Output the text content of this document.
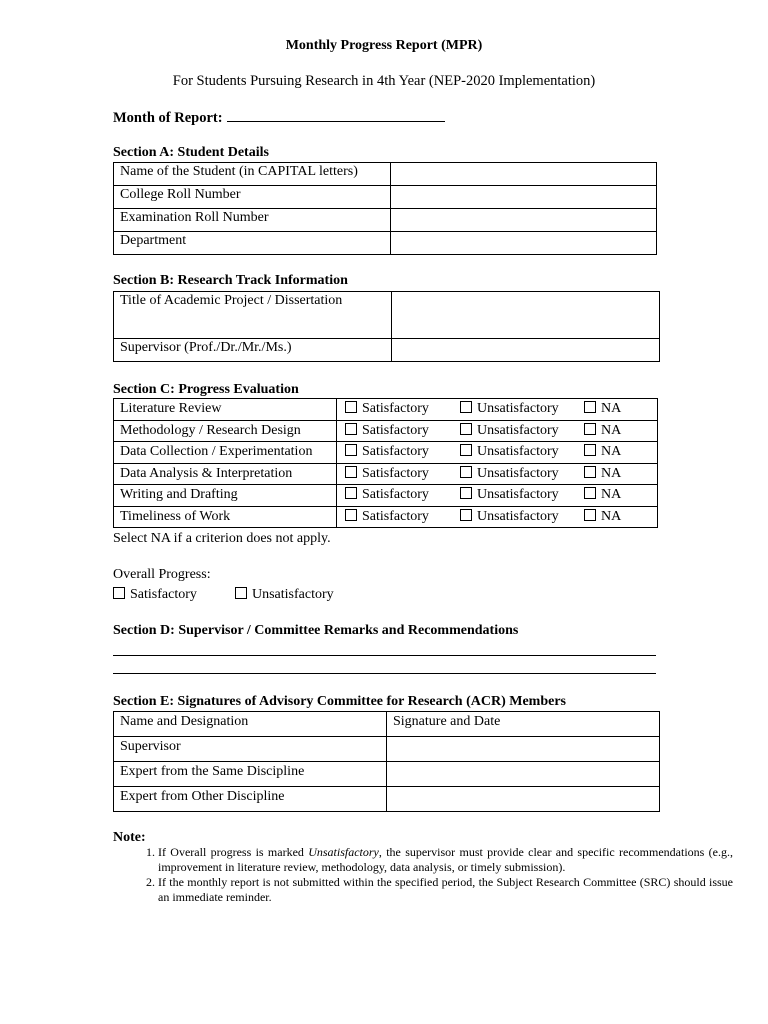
Monthly Progress Report (MPR)
For Students Pursuing Research in 4th Year (NEP-2020 Implementation)
Month of Report:
Section A: Student Details
Name of the Student (in CAPITAL letters)	
College Roll Number	
Examination Roll Number	
Department	
Section B: Research Track Information
Title of Academic Project / Dissertation	
Supervisor (Prof./Dr./Mr./Ms.)	
Section C: Progress Evaluation
Literature Review	Satisfactory Unsatisfactory NA
Methodology / Research Design	Satisfactory Unsatisfactory NA
Data Collection / Experimentation	Satisfactory Unsatisfactory NA
Data Analysis & Interpretation	Satisfactory Unsatisfactory NA
Writing and Drafting	Satisfactory Unsatisfactory NA
Timeliness of Work	Satisfactory Unsatisfactory NA
Select NA if a criterion does not apply.
Overall Progress:
Satisfactory	Unsatisfactory
Section D: Supervisor / Committee Remarks and Recommendations
Section E: Signatures of Advisory Committee for Research (ACR) Members
Name and Designation	Signature and Date
Supervisor	
Expert from the Same Discipline	
Expert from Other Discipline	
Note:
1. If Overall progress is marked Unsatisfactory, the supervisor must provide clear and specific recommendations (e.g., improvement in literature review, methodology, data analysis, or timely submission).
2. If the monthly report is not submitted within the specified period, the Subject Research Committee (SRC) should issue an immediate reminder.
